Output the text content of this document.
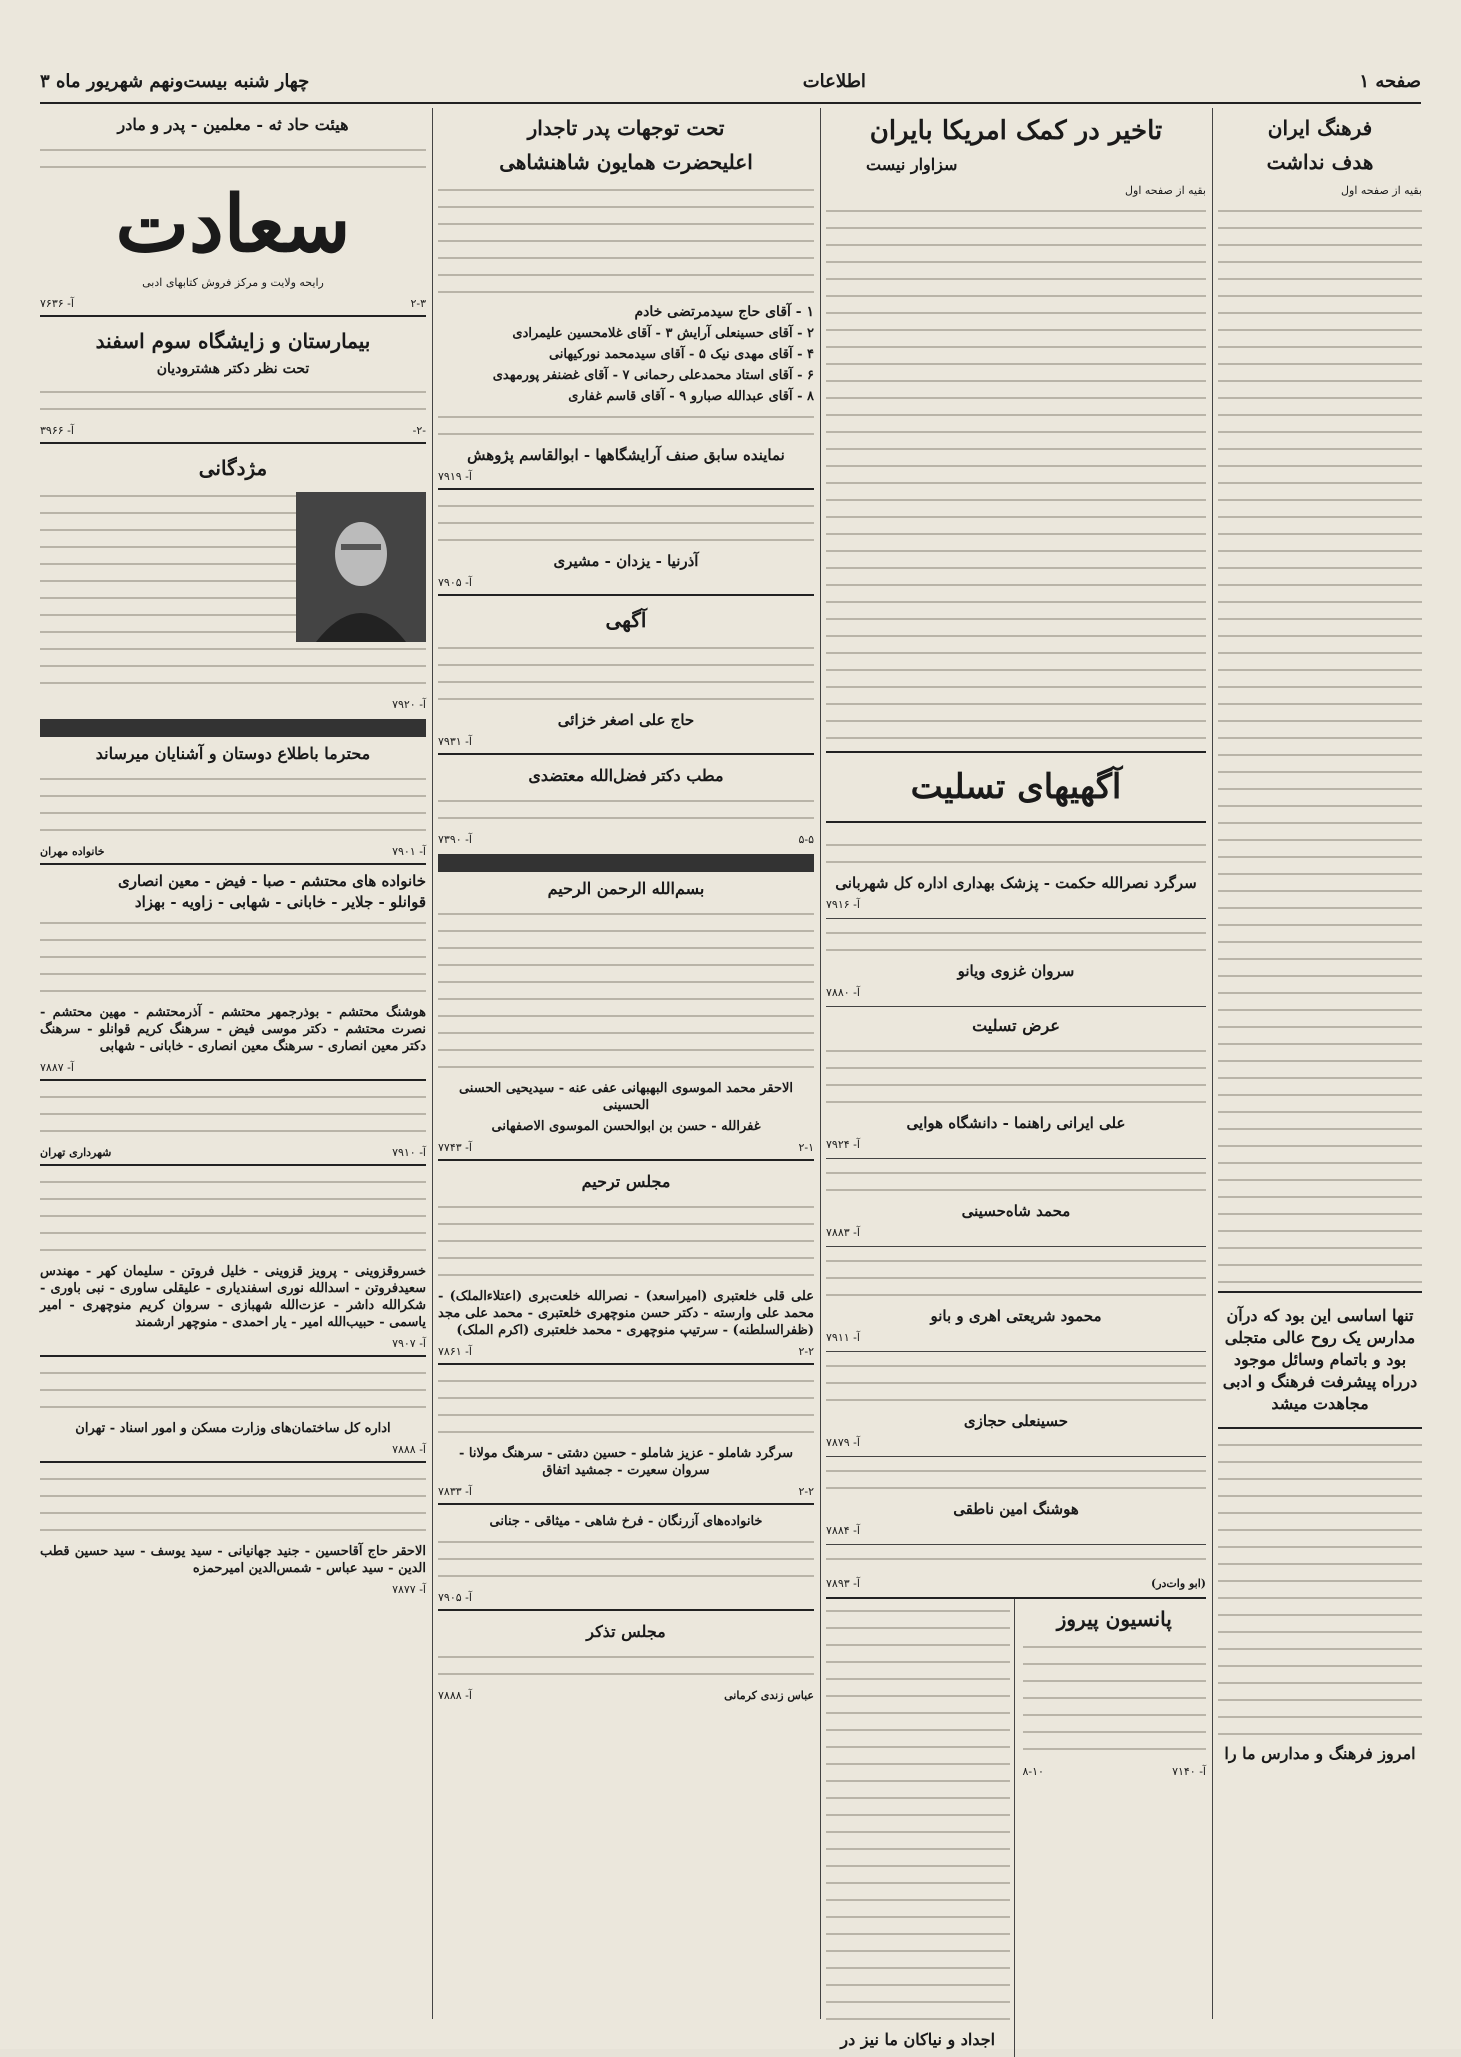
صفحه ۱
اطلاعات
چهار شنبه بیست‌ونهم شهریور ماه ۳
فرهنگ ایران
هدف نداشت
بقیه از صفحه اول
تنها اساسی این بود که درآن مدارس یک روح عالی متجلی بود و باتمام وسائل موجود درراه پیشرفت فرهنگ و ادبی مجاهدت میشد
امروز فرهنگ و مدارس ما را
تاخیر در کمک امریکا بایران
سزاوار نیست
بقیه از صفحه اول
آگهیهای تسلیت
سرگرد نصرالله حکمت - پزشک بهداری اداره کل شهربانی
آ- ۷۹۱۶
سروان غزوی ویانو
آ- ۷۸۸۰
عرض تسلیت
علی ایرانی راهنما - دانشگاه هوایی
آ- ۷۹۲۴
محمد شاه‌حسینی
آ- ۷۸۸۳
محمود شریعتی اهری و بانو
آ- ۷۹۱۱
حسینعلی حجازی
آ- ۷۸۷۹
هوشنگ امین ناطقی
آ- ۷۸۸۴
(ابو وات‌در)
آ- ۷۸۹۳
پانسیون پیروز
آ- ۷۱۴۰
۸-۱۰
اجداد و نیاکان ما نیز در
تحت توجهات پدر تاجدار
اعلیحضرت همایون شاهنشاهی
۱ - آقای حاج سیدمرتضی خادم
۲ - آقای حسینعلی آرایش ۳ - آقای غلامحسین علیمرادی
۴ - آقای مهدی نیک ۵ - آقای سیدمحمد نورکیهانی
۶ - آقای استاد محمدعلی رحمانی ۷ - آقای غضنفر پورمهدی
۸ - آقای عبدالله صبارو ۹ - آقای قاسم غفاری
نماینده سابق صنف آرایشگاهها - ابوالقاسم پژوهش
آ- ۷۹۱۹
آذرنیا - یزدان - مشیری
آ- ۷۹۰۵
آگهی
حاج علی اصغر خزائی
آ- ۷۹۳۱
مطب دکتر فضل‌الله معتضدی
۵-۵
آ- ۷۳۹۰
بسم‌الله الرحمن الرحیم
الاحقر محمد الموسوی البهبهانی عفی عنه - سیدیحیی الحسنی الحسینی
غفرالله - حسن بن ابوالحسن الموسوی الاصفهانی
۲-۱
آ- ۷۷۴۳
مجلس ترحیم
علی قلی خلعتبری (امیراسعد) - نصرالله خلعت‌بری (اعتلاءالملک) - محمد علی وارسته - دکتر حسن منوچهری خلعتبری - محمد علی مجد (ظفرالسلطنه) - سرتیپ منوچهری - محمد خلعتبری (اکرم الملک)
۲-۲
آ- ۷۸۶۱
سرگرد شاملو - عزیز شاملو - حسین دشتی - سرهنگ مولانا - سروان سعیرت - جمشید اتفاق
۲-۲
آ- ۷۸۳۳
خانواده‌های آزرنگان - فرخ شاهی - میثاقی - جنانی
آ- ۷۹۰۵
مجلس تذکر
عباس زندی کرمانی
آ- ۷۸۸۸
هیئت حاد ثه - معلمین - پدر و مادر
سعادت
رایحه ولایت و مرکز فروش کتابهای ادبی
۲-۳
آ- ۷۶۳۶
بیمارستان و زایشگاه سوم اسفند
تحت نظر دکتر هشترودیان
-۲-
آ- ۳۹۶۶
مژدگانی
آ- ۷۹۲۰
محترما باطلاع دوستان و آشنایان میرساند
آ- ۷۹۰۱
خانواده مهران
خانواده های محتشم - صبا - فیض - معین انصاری
قوانلو - جلایر - خابانی - شهابی - زاویه - بهزاد
هوشنگ محتشم - بوذرجمهر محتشم - آذرمحتشم - مهین محتشم - نصرت محتشم - دکتر موسی فیض - سرهنگ کریم قوانلو - سرهنگ دکتر معین انصاری - سرهنگ معین انصاری - خابانی - شهابی
آ- ۷۸۸۷
آ- ۷۹۱۰
شهرداری تهران
خسروقزوینی - پرویز قزوینی - خلیل فروتن - سلیمان کهر - مهندس سعیدفروتن - اسدالله نوری اسفندیاری - علیقلی ساوری - نبی باوری - شکرالله داشر - عزت‌الله شهبازی - سروان کریم منوچهری - امیر یاسمی - حبیب‌الله امیر - یار احمدی - منوچهر ارشمند
آ- ۷۹۰۷
اداره کل ساختمان‌های وزارت مسکن و امور اسناد - تهران
آ- ۷۸۸۸
الاحقر حاج آقاحسین - جنید جهانیانی - سید یوسف - سید حسین قطب الدین - سید عباس - شمس‌الدین امیرحمزه
آ- ۷۸۷۷
